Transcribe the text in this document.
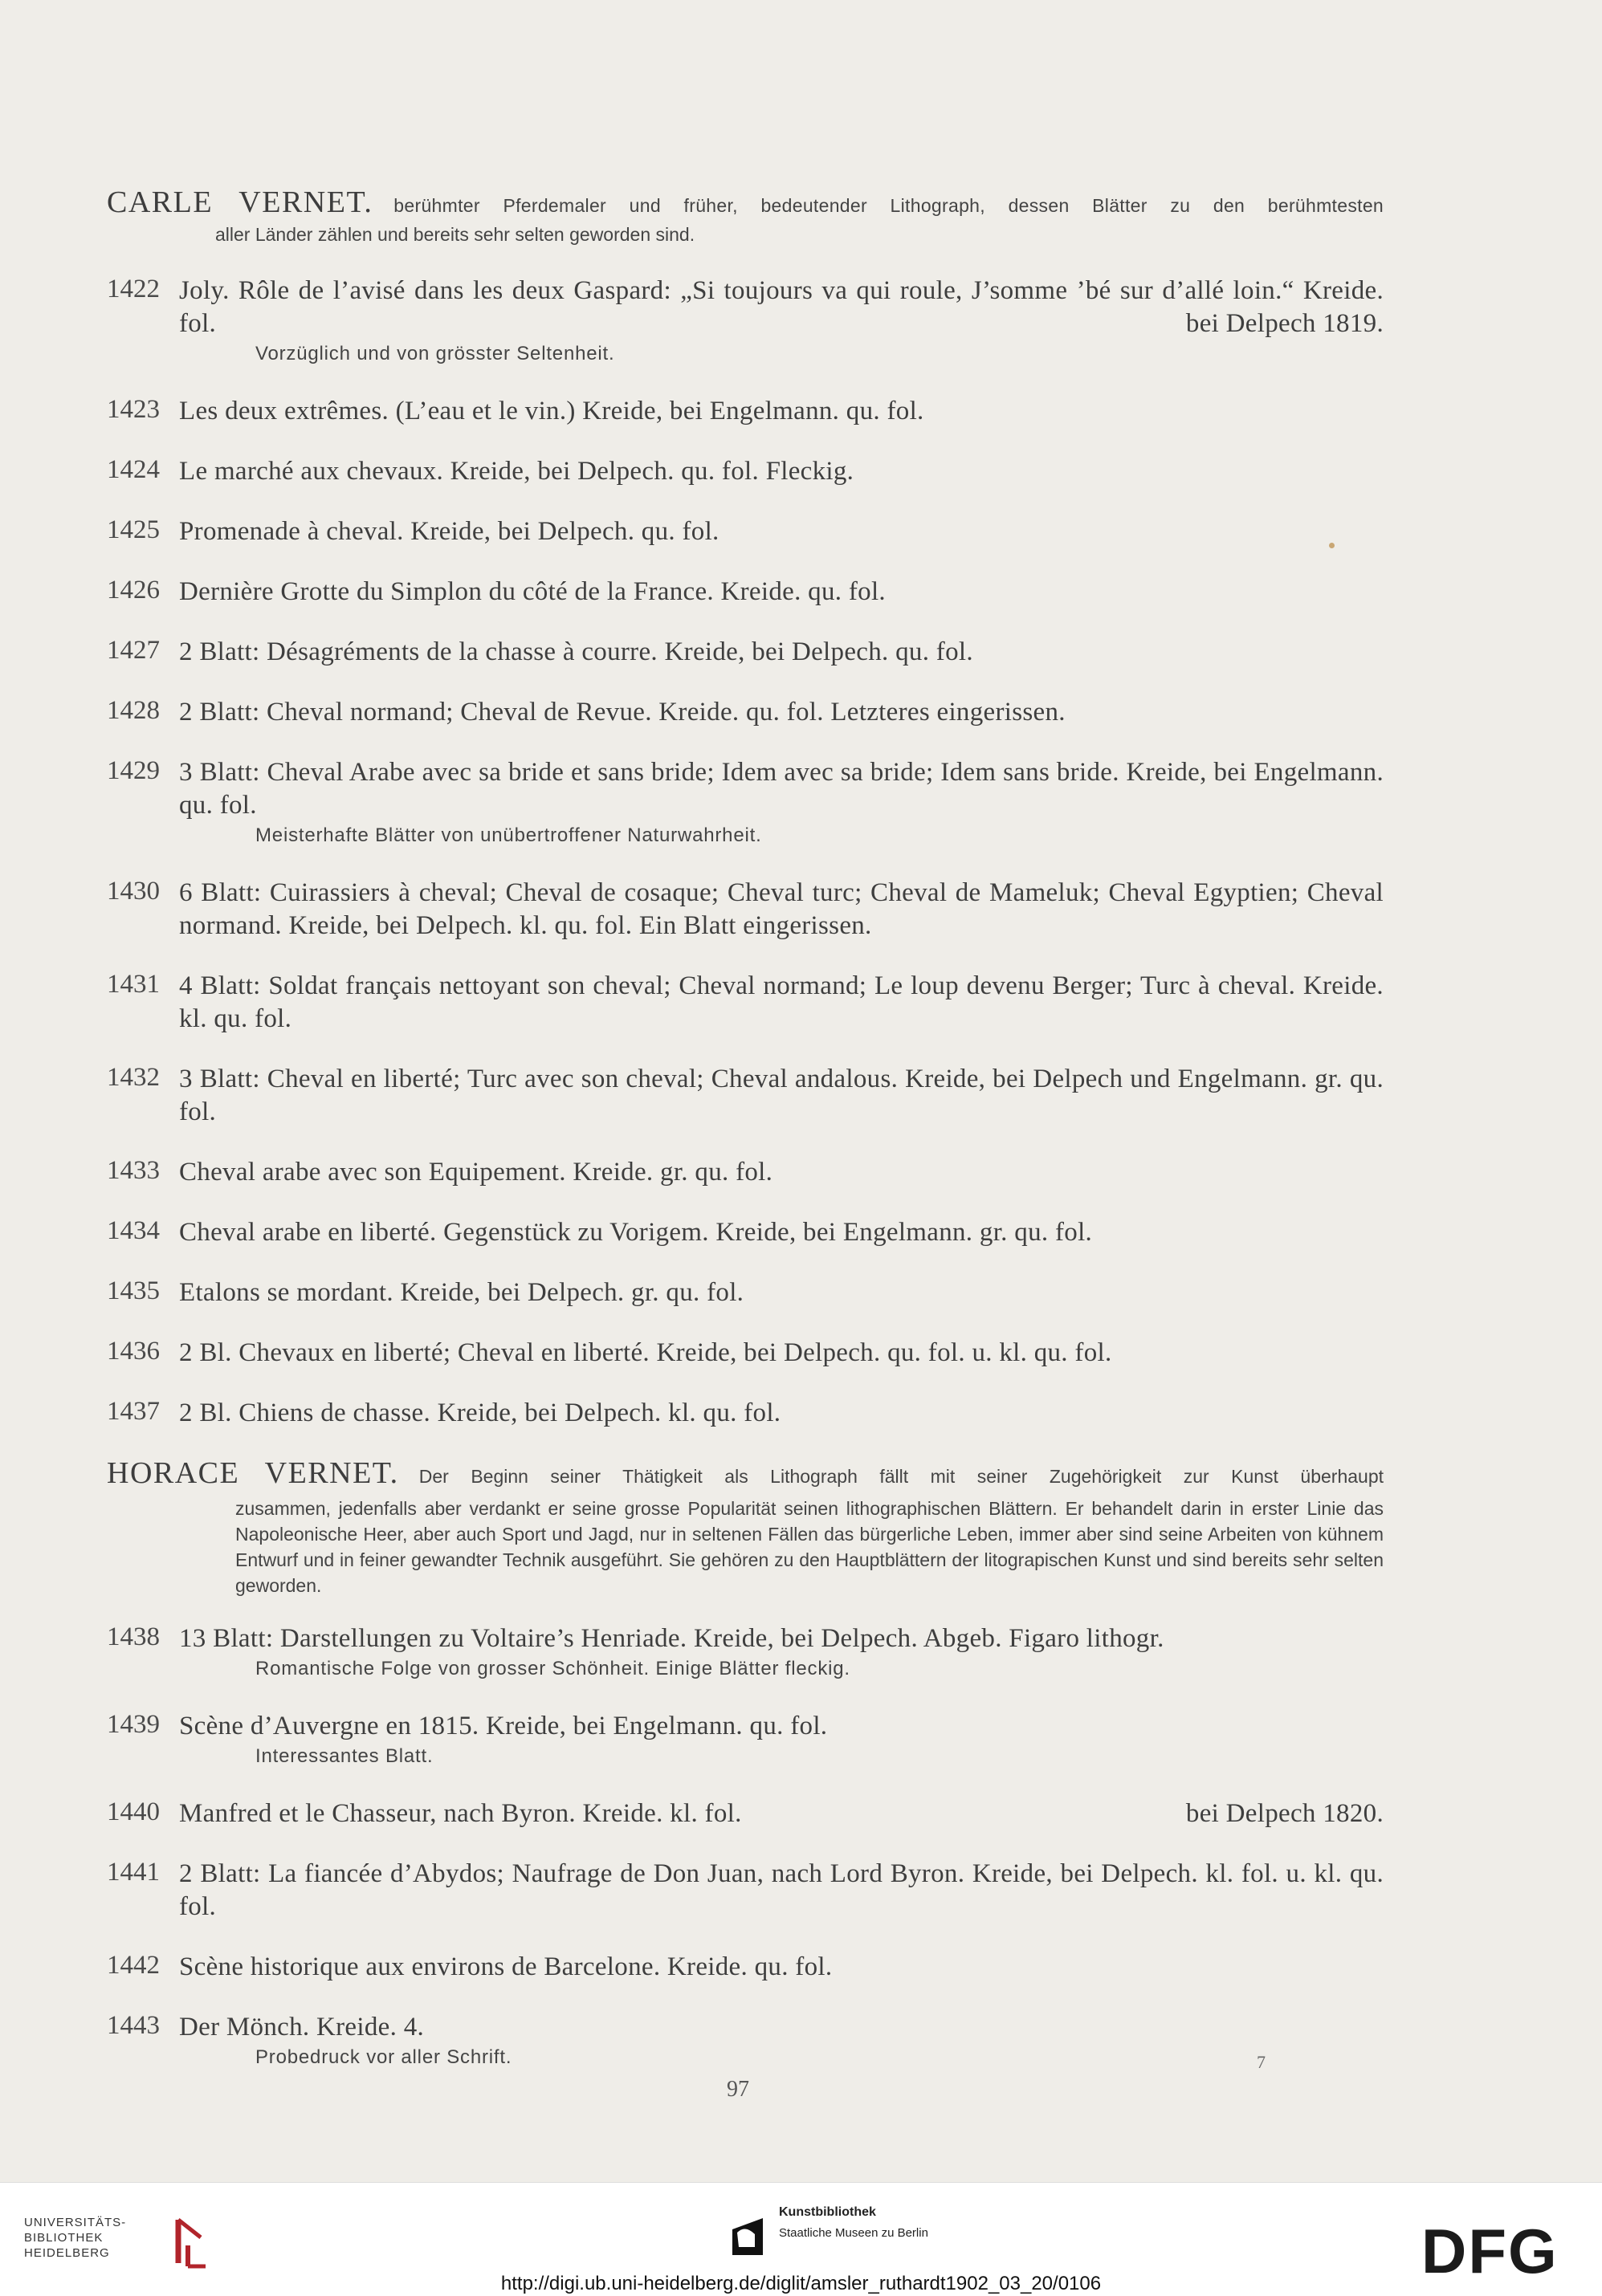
CARLE VERNET. berühmter Pferdemaler und früher, bedeutender Lithograph, dessen Blätter zu den berühmtesten
aller Länder zählen und bereits sehr selten geworden sind.
1422 Joly. Rôle de l’avisé dans les deux Gaspard: „Si toujours va qui roule, J’somme ’bé sur d’allé loin.“ Kreide. fol.	bei Delpech 1819.
Vorzüglich und von grösster Seltenheit.
1423 Les deux extrêmes. (L’eau et le vin.) Kreide, bei Engelmann. qu. fol.
1424 Le marché aux chevaux. Kreide, bei Delpech. qu. fol. Fleckig.
1425 Promenade à cheval. Kreide, bei Delpech. qu. fol.
1426 Dernière Grotte du Simplon du côté de la France. Kreide. qu. fol.
1427 2 Blatt: Désagréments de la chasse à courre. Kreide, bei Delpech. qu. fol.
1428 2 Blatt: Cheval normand; Cheval de Revue. Kreide. qu. fol. Letzteres eingerissen.
1429 3 Blatt: Cheval Arabe avec sa bride et sans bride; Idem avec sa bride; Idem sans bride. Kreide, bei Engelmann. qu. fol.
Meisterhafte Blätter von unübertroffener Naturwahrheit.
1430 6 Blatt: Cuirassiers à cheval; Cheval de cosaque; Cheval turc; Cheval de Mameluk; Cheval Egyptien; Cheval normand. Kreide, bei Delpech. kl. qu. fol. Ein Blatt eingerissen.
1431 4 Blatt: Soldat français nettoyant son cheval; Cheval normand; Le loup devenu Berger; Turc à cheval. Kreide. kl. qu. fol.
1432 3 Blatt: Cheval en liberté; Turc avec son cheval; Cheval andalous. Kreide, bei Delpech und Engelmann. gr. qu. fol.
1433 Cheval arabe avec son Equipement. Kreide. gr. qu. fol.
1434 Cheval arabe en liberté. Gegenstück zu Vorigem. Kreide, bei Engelmann. gr. qu. fol.
1435 Etalons se mordant. Kreide, bei Delpech. gr. qu. fol.
1436 2 Bl. Chevaux en liberté; Cheval en liberté. Kreide, bei Delpech. qu. fol. u. kl. qu. fol.
1437 2 Bl. Chiens de chasse. Kreide, bei Delpech. kl. qu. fol.
HORACE VERNET. Der Beginn seiner Thätigkeit als Lithograph fällt mit seiner Zugehörigkeit zur Kunst überhaupt
zusammen, jedenfalls aber verdankt er seine grosse Popularität seinen lithographischen Blättern. Er behandelt darin in erster Linie das Napoleonische Heer, aber auch Sport und Jagd, nur in seltenen Fällen das bürgerliche Leben, immer aber sind seine Arbeiten von kühnem Entwurf und in feiner gewandter Technik ausgeführt. Sie gehören zu den Hauptblättern der litograpischen Kunst und sind bereits sehr selten geworden.
1438 13 Blatt: Darstellungen zu Voltaire’s Henriade. Kreide, bei Delpech. Abgeb. Figaro lithogr.
Romantische Folge von grosser Schönheit. Einige Blätter fleckig.
1439 Scène d’Auvergne en 1815. Kreide, bei Engelmann. qu. fol.
Interessantes Blatt.
1440 Manfred et le Chasseur, nach Byron. Kreide. kl. fol.	bei Delpech 1820.
1441 2 Blatt: La fiancée d’Abydos; Naufrage de Don Juan, nach Lord Byron. Kreide, bei Delpech. kl. fol. u. kl. qu. fol.
1442 Scène historique aux environs de Barcelone. Kreide. qu. fol.
1443 Der Mönch. Kreide. 4.
Probedruck vor aller Schrift.	7
97
UNIVERSITÄTS-
BIBLIOTHEK
HEIDELBERG
Kunstbibliothek
Staatliche Museen zu Berlin	DFG
http://digi.ub.uni-heidelberg.de/diglit/amsler_ruthardt1902_03_20/0106
